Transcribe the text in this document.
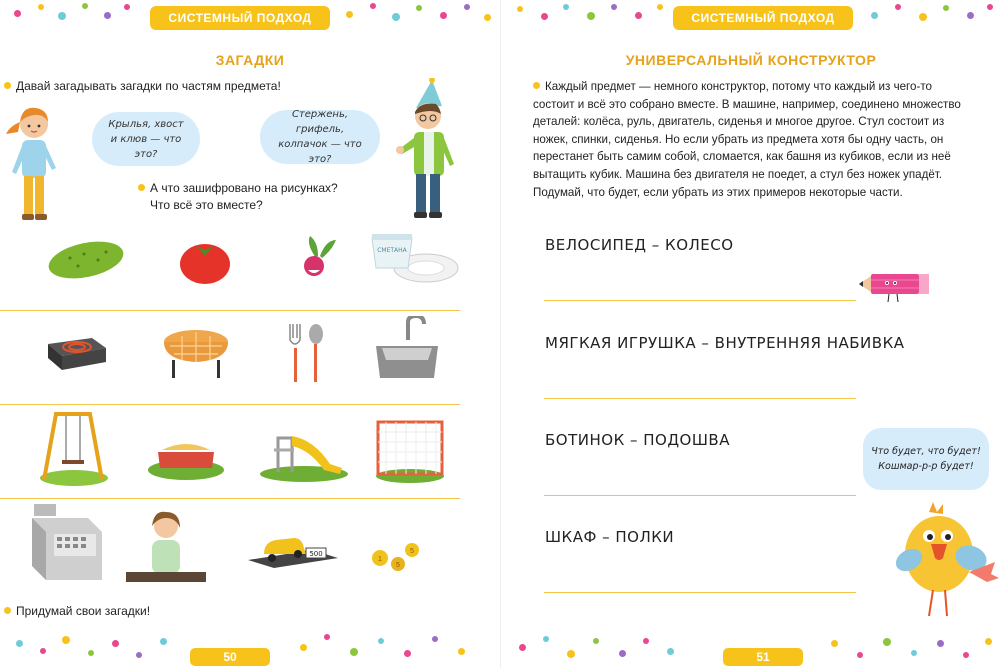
СИСТЕМНЫЙ ПОДХОД
ЗАГАДКИ
Давай загадывать загадки по частям предмета!
Крылья, хвост
и клюв — что это?
Стержень, грифель,
колпачок — что это?
А что зашифровано на рисунках?
Что всё это вместе?
СМЕТАНА
500
1
5
5
Придумай свои загадки!
50
СИСТЕМНЫЙ ПОДХОД
УНИВЕРСАЛЬНЫЙ КОНСТРУКТОР
Каждый предмет — немного конструктор, потому что каждый из чего-то состоит и всё это собрано вместе. В машине, например, соединено множество деталей: колёса, руль, двигатель, сиденья и многое другое. Стул состоит из ножек, спинки, сиденья. Но если убрать из предмета хотя бы одну часть, он перестанет быть самим собой, сломается, как башня из кубиков, если из неё вытащить кубик. Машина без двигателя не поедет, а стул без ножек упадёт. Подумай, что будет, если убрать из этих примеров некоторые части.
ВЕЛОСИПЕД – КОЛЕСО
МЯГКАЯ ИГРУШКА – ВНУТРЕННЯЯ НАБИВКА
БОТИНОК – ПОДОШВА
ШКАФ – ПОЛКИ
Что будет, что будет!
Кошмар-р-р будет!
51
